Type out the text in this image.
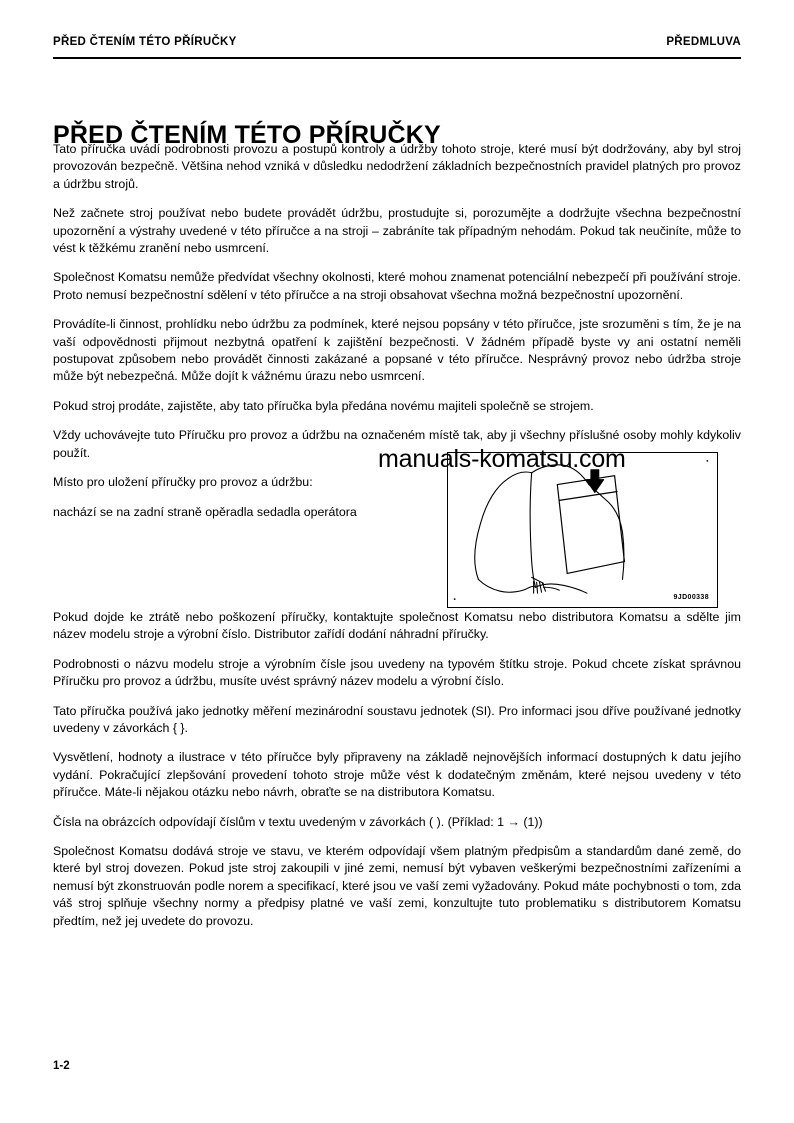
PŘED ČTENÍM TÉTO PŘÍRUČKY	PŘEDMLUVA
PŘED ČTENÍM TÉTO PŘÍRUČKY

Tato příručka uvádí podrobnosti provozu a postupů kontroly a údržby tohoto stroje, které musí být dodržovány, aby byl stroj provozován bezpečně. Většina nehod vzniká v důsledku nedodržení základních bezpečnostních pravidel platných pro provoz a údržbu strojů.

Než začnete stroj používat nebo budete provádět údržbu, prostudujte si, porozumějte a dodržujte všechna bezpečnostní upozornění a výstrahy uvedené v této příručce a na stroji – zabráníte tak případným nehodám. Pokud tak neučiníte, může to vést k těžkému zranění nebo usmrcení.

Společnost Komatsu nemůže předvídat všechny okolnosti, které mohou znamenat potenciální nebezpečí při používání stroje. Proto nemusí bezpečnostní sdělení v této příručce a na stroji obsahovat všechna možná bezpečnostní upozornění.

Provádíte-li činnost, prohlídku nebo údržbu za podmínek, které nejsou popsány v této příručce, jste srozuměni s tím, že je na vaší odpovědnosti přijmout nezbytná opatření k zajištění bezpečnosti. V žádném případě byste vy ani ostatní neměli postupovat způsobem nebo provádět činnosti zakázané a popsané v této příručce. Nesprávný provoz nebo údržba stroje může být nebezpečná. Může dojít k vážnému úrazu nebo usmrcení.

Pokud stroj prodáte, zajistěte, aby tato příručka byla předána novému majiteli společně se strojem.

Vždy uchovávejte tuto Příručku pro provoz a údržbu na označeném místě tak, aby ji všechny příslušné osoby mohly kdykoliv použít.

Místo pro uložení příručky pro provoz a údržbu:

nachází se na zadní straně opěradla sedadla operátora

9JD00338
manuals-komatsu.com

Pokud dojde ke ztrátě nebo poškození příručky, kontaktujte společnost Komatsu nebo distributora Komatsu a sdělte jim název modelu stroje a výrobní číslo. Distributor zařídí dodání náhradní příručky.

Podrobnosti o názvu modelu stroje a výrobním čísle jsou uvedeny na typovém štítku stroje. Pokud chcete získat správnou Příručku pro provoz a údržbu, musíte uvést správný název modelu a výrobní číslo.

Tato příručka používá jako jednotky měření mezinárodní soustavu jednotek (SI). Pro informaci jsou dříve používané jednotky uvedeny v závorkách { }.

Vysvětlení, hodnoty a ilustrace v této příručce byly připraveny na základě nejnovějších informací dostupných k datu jejího vydání. Pokračující zlepšování provedení tohoto stroje může vést k dodatečným změnám, které nejsou uvedeny v této příručce. Máte-li nějakou otázku nebo návrh, obraťte se na distributora Komatsu.

Čísla na obrázcích odpovídají číslům v textu uvedeným v závorkách ( ). (Příklad: 1 → (1))

Společnost Komatsu dodává stroje ve stavu, ve kterém odpovídají všem platným předpisům a standardům dané země, do které byl stroj dovezen. Pokud jste stroj zakoupili v jiné zemi, nemusí být vybaven veškerými bezpečnostními zařízeními a nemusí být zkonstruován podle norem a specifikací, které jsou ve vaší zemi vyžadovány. Pokud máte pochybnosti o tom, zda váš stroj splňuje všechny normy a předpisy platné ve vaší zemi, konzultujte tuto problematiku s distributorem Komatsu předtím, než jej uvedete do provozu.

1-2
